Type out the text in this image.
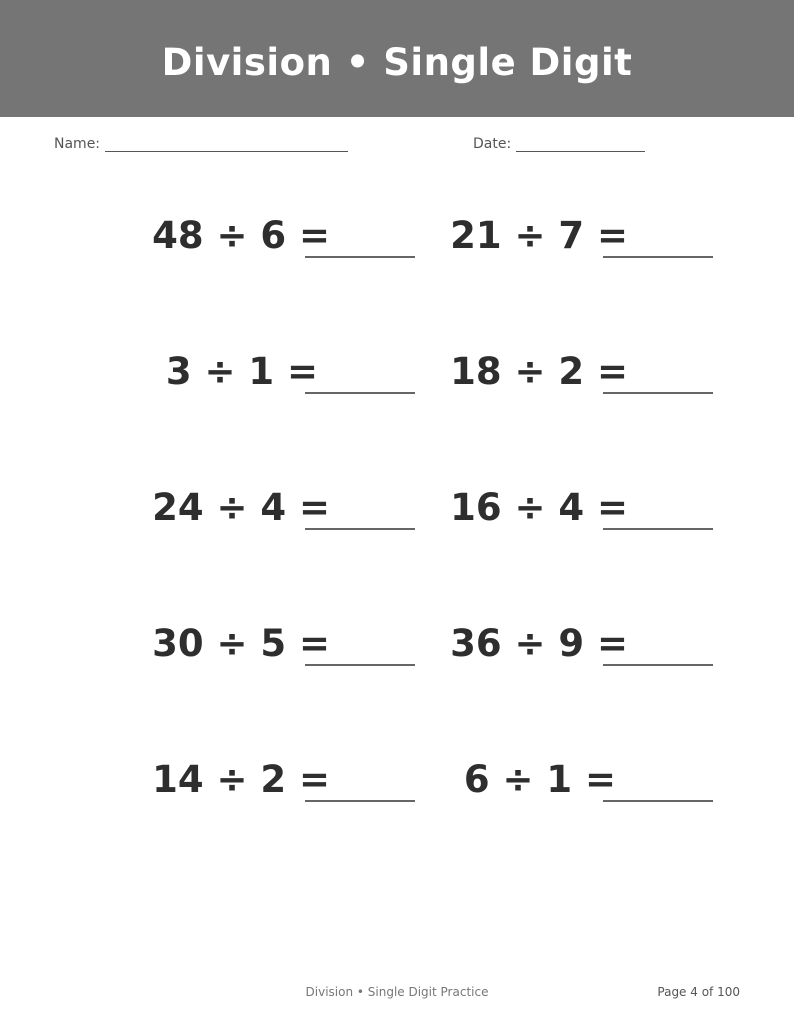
Division • Single Digit
Name:	Date:
48 ÷ 6 =	21 ÷ 7 =
3 ÷ 1 =	18 ÷ 2 =
24 ÷ 4 =	16 ÷ 4 =
30 ÷ 5 =	36 ÷ 9 =
14 ÷ 2 =	6 ÷ 1 =
Division • Single Digit Practice	Page 4 of 100
